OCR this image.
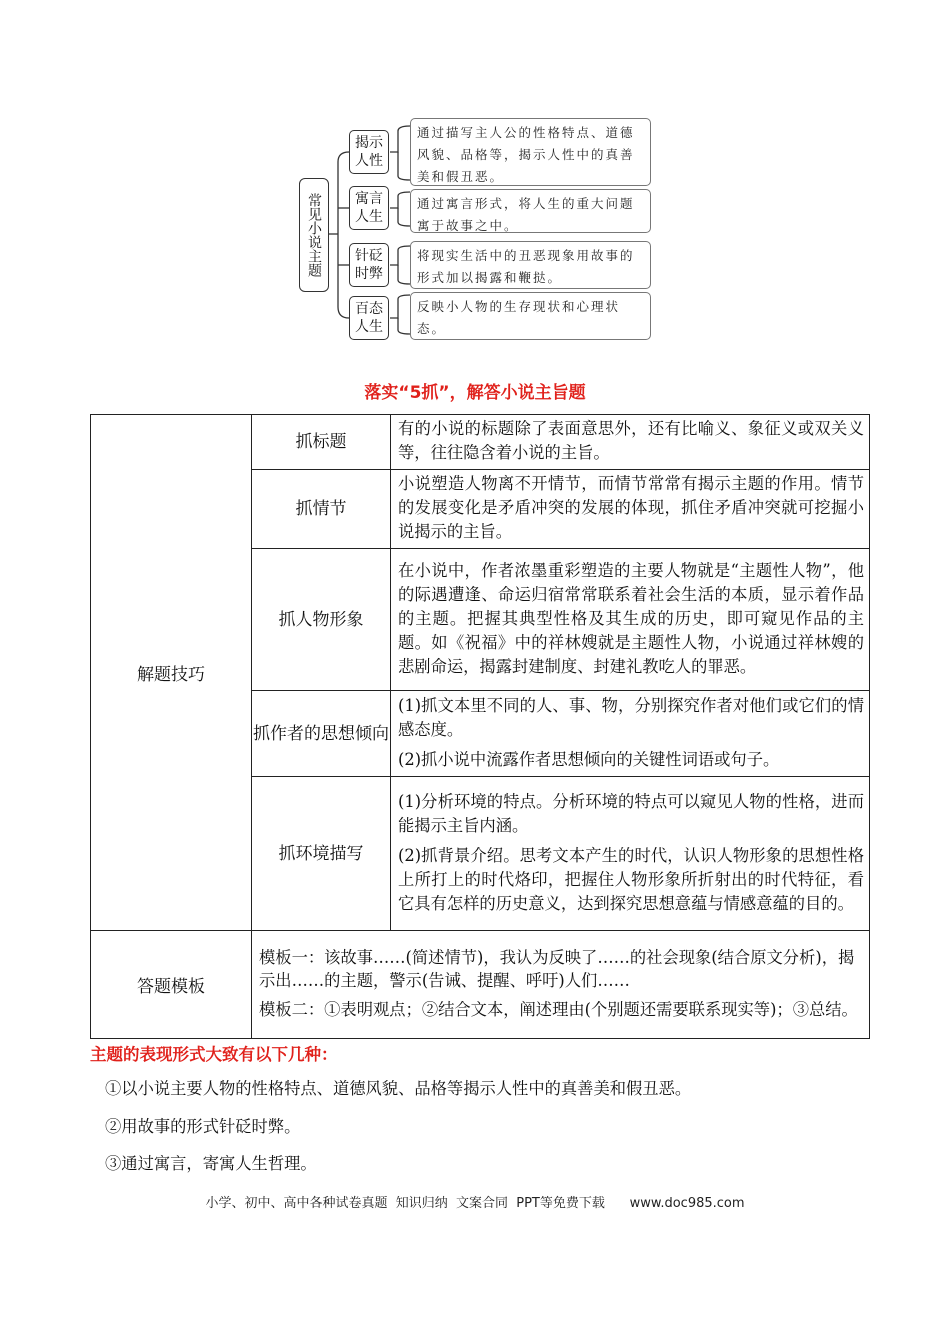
常见小说主题
揭示人性
通过描写主人公的性格特点、道德风貌、品格等，揭示人性中的真善美和假丑恶。
寓言人生
通过寓言形式，将人生的重大问题寓于故事之中。
针砭时弊
将现实生活中的丑恶现象用故事的形式加以揭露和鞭挞。
百态人生
反映小人物的生存现状和心理状态。
落实“5抓”，解答小说主旨题
解题技巧	抓标题	有的小说的标题除了表面意思外，还有比喻义、象征义或双关义等，往往隐含着小说的主旨。

	抓情节	小说塑造人物离不开情节，而情节常常有揭示主题的作用。情节的发展变化是矛盾冲突的发展的体现，抓住矛盾冲突就可挖掘小说揭示的主旨。

	抓人物形象	在小说中，作者浓墨重彩塑造的主要人物就是“主题性人物”，他的际遇遭逢、命运归宿常常联系着社会生活的本质，显示着作品的主题。把握其典型性格及其生成的历史，即可窥见作品的主题。如《祝福》中的祥林嫂就是主题性人物，小说通过祥林嫂的悲剧命运，揭露封建制度、封建礼教吃人的罪恶。

	抓作者的思想倾向	(1)抓文本里不同的人、事、物，分别探究作者对他们或它们的情感态度。

(2)抓小说中流露作者思想倾向的关键性词语或句子。

	抓环境描写	(1)分析环境的特点。分析环境的特点可以窥见人物的性格，进而能揭示主旨内涵。

(2)抓背景介绍。思考文本产生的时代，认识人物形象的思想性格上所打上的时代烙印，把握住人物形象所折射出的时代特征，看它具有怎样的历史意义，达到探究思想意蕴与情感意蕴的目的。

答题模板	模板一：该故事……(简述情节)，我认为反映了……的社会现象(结合原文分析)，揭示出……的主题，警示(告诫、提醒、呼吁)人们……

模板二：①表明观点；②结合文本，阐述理由(个别题还需要联系现实等)；③总结。	

主题的表现形式大致有以下几种：
①以小说主要人物的性格特点、道德风貌、品格等揭示人性中的真善美和假丑恶。
②用故事的形式针砭时弊。
③通过寓言，寄寓人生哲理。
小学、初中、高中各种试卷真题  知识归纳  文案合同  PPT等免费下载      www.doc985.com
